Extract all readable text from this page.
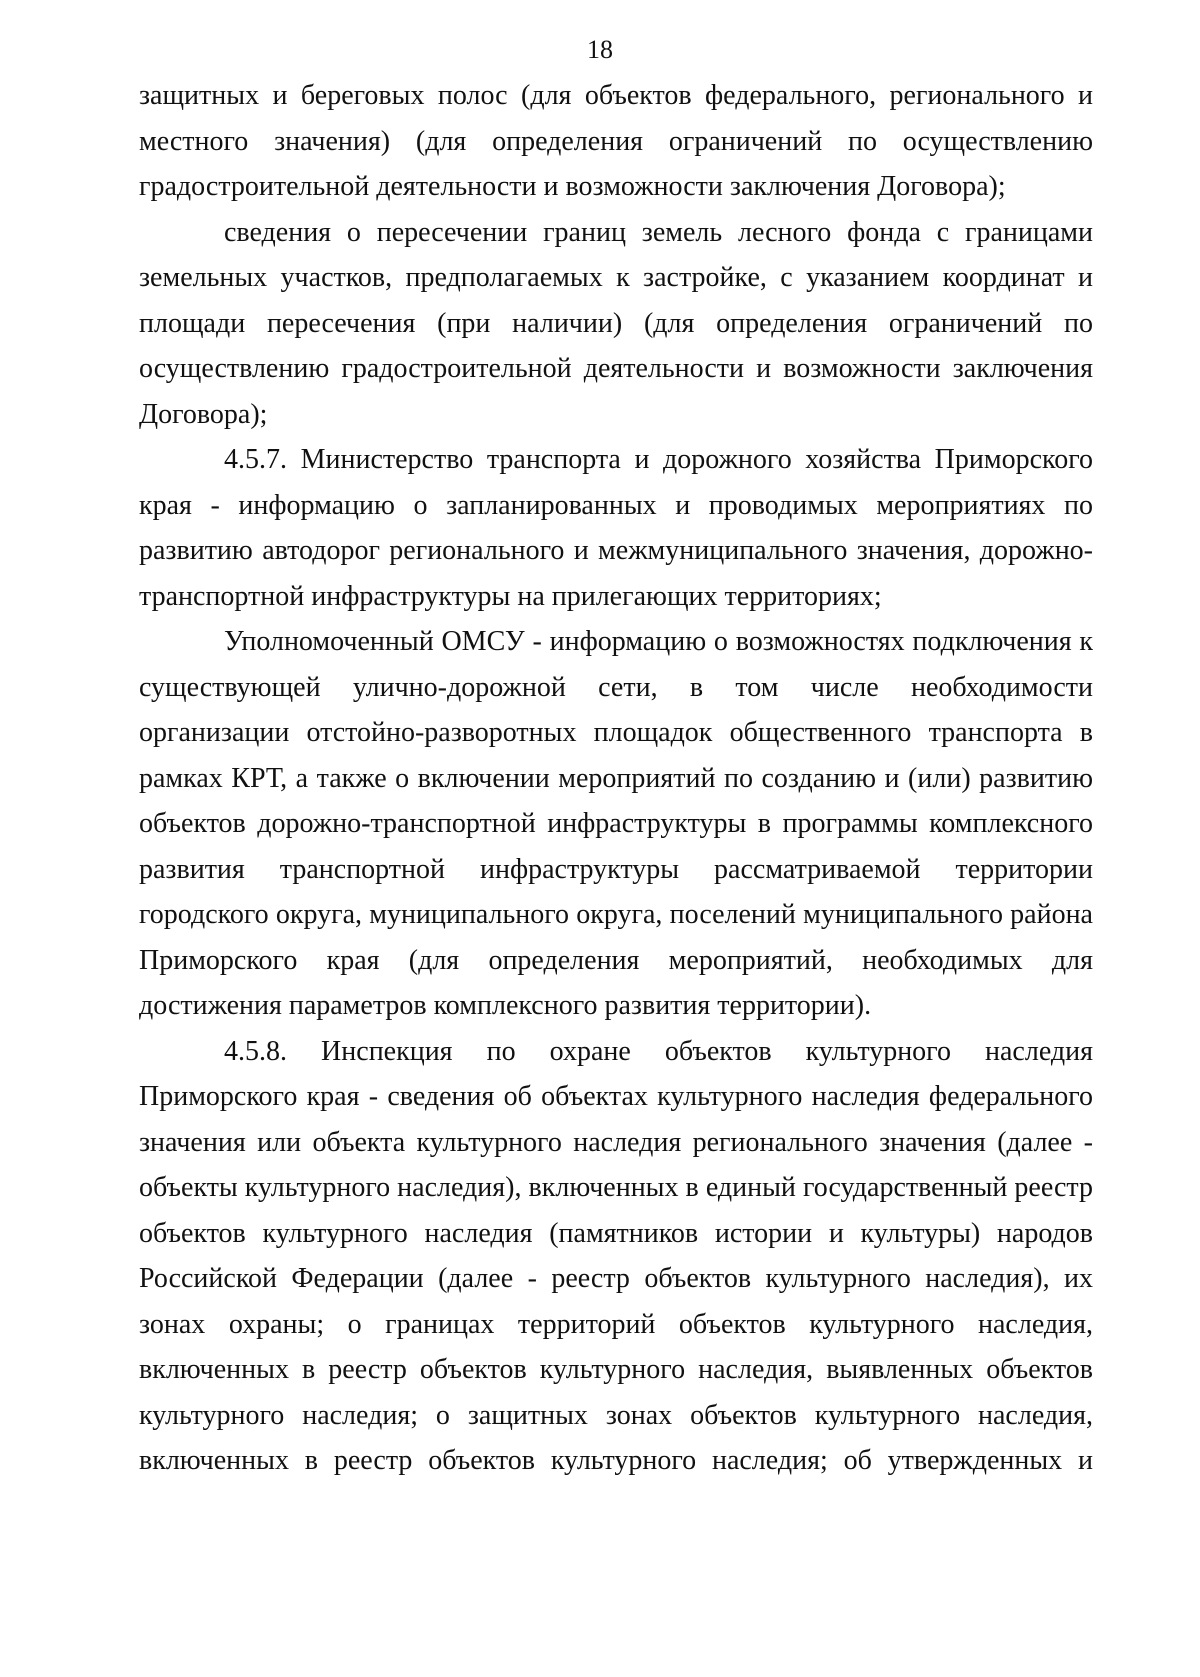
18

защитных и береговых полос (для объектов федерального, регионального и местного значения) (для определения ограничений по осуществлению градостроительной деятельности и возможности заключения Договора);

сведения о пересечении границ земель лесного фонда с границами земельных участков, предполагаемых к застройке, с указанием координат и площади пересечения (при наличии) (для определения ограничений по осуществлению градостроительной деятельности и возможности заключения Договора);

4.5.7. Министерство транспорта и дорожного хозяйства Приморского края - информацию о запланированных и проводимых мероприятиях по развитию автодорог регионального и межмуниципального значения, дорожно-транспортной инфраструктуры на прилегающих территориях;

Уполномоченный ОМСУ - информацию о возможностях подключения к существующей улично-дорожной сети, в том числе необходимости организации отстойно-разворотных площадок общественного транспорта в рамках КРТ, а также о включении мероприятий по созданию и (или) развитию объектов дорожно-транспортной инфраструктуры в программы комплексного развития транспортной инфраструктуры рассматриваемой территории городского округа, муниципального округа, поселений муниципального района Приморского края (для определения мероприятий, необходимых для достижения параметров комплексного развития территории).

4.5.8. Инспекция по охране объектов культурного наследия Приморского края - сведения об объектах культурного наследия федерального значения или объекта культурного наследия регионального значения (далее - объекты культурного наследия), включенных в единый государственный реестр объектов культурного наследия (памятников истории и культуры) народов Российской Федерации (далее - реестр объектов культурного наследия), их зонах охраны; о границах территорий объектов культурного наследия, включенных в реестр объектов культурного наследия, выявленных объектов культурного наследия; о защитных зонах объектов культурного наследия, включенных в реестр объектов культурного наследия; об утвержденных и
